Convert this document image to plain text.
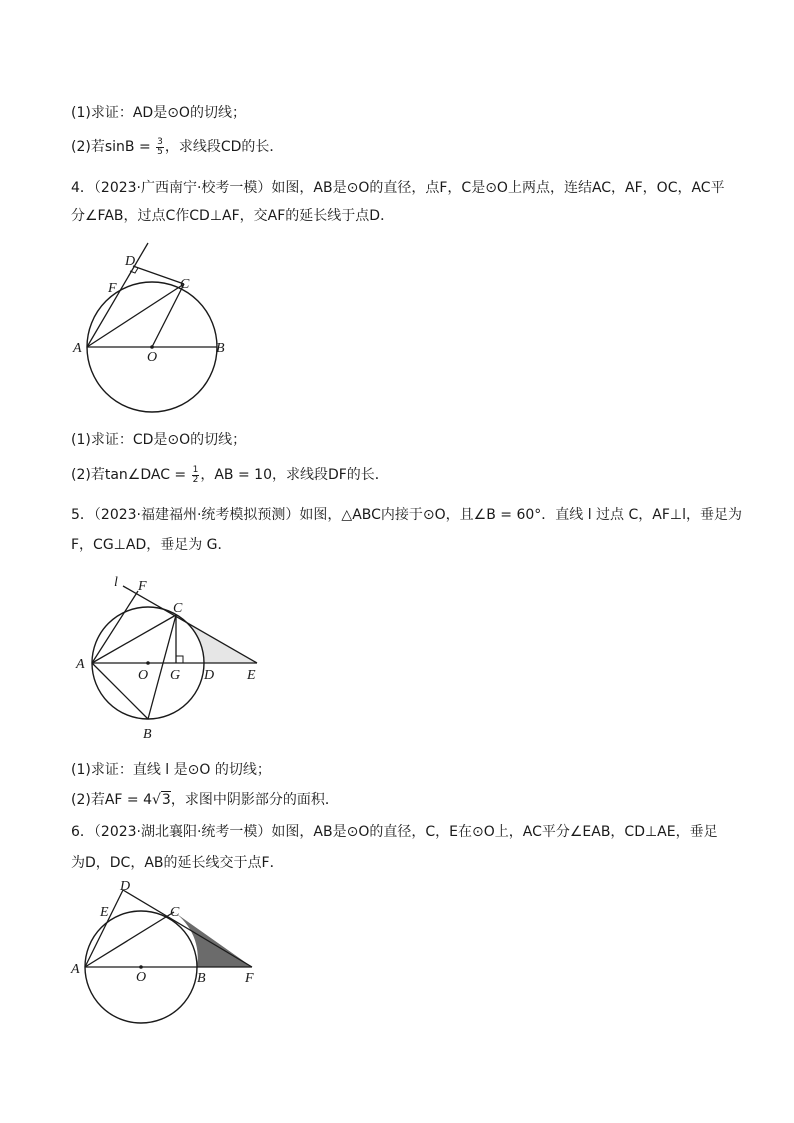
(1)求证：AD是⊙O的切线；
(2)若$\sin B = \frac{3}{5}$ ，求线段CD的长．
4．（2023·广西南宁·校考一模）如图，AB是⊙O的直径，点F，C是⊙O上两点，连结AC，AF，OC，AC平
分∠FAB，过点C作CD⊥AF，交AF的延长线于点D．
D
F	C
A
O
B
(1)求证：CD是⊙O的切线；
(2)若tan∠DAC = $\frac{1}{2}$ ，AB = 10，求线段DF的长．
5．（2023·福建福州·统考模拟预测）如图，△ABC内接于⊙O，且∠B = 60°．直线 l 过点 C，AF⊥l，垂足为
F，CG⊥AD，垂足为 G．
l F
C
A
O G D E
B
(1)求证：直线 l 是⊙O 的切线；
(2)若AF = 4√3，求图中阴影部分的面积．
6．（2023·湖北襄阳·统考一模）如图，AB是⊙O的直径，C，E在⊙O上，AC平分∠EAB，CD⊥AE，垂足
为D，DC，AB的延长线交于点F．
D
E	C
A
O	B	F
